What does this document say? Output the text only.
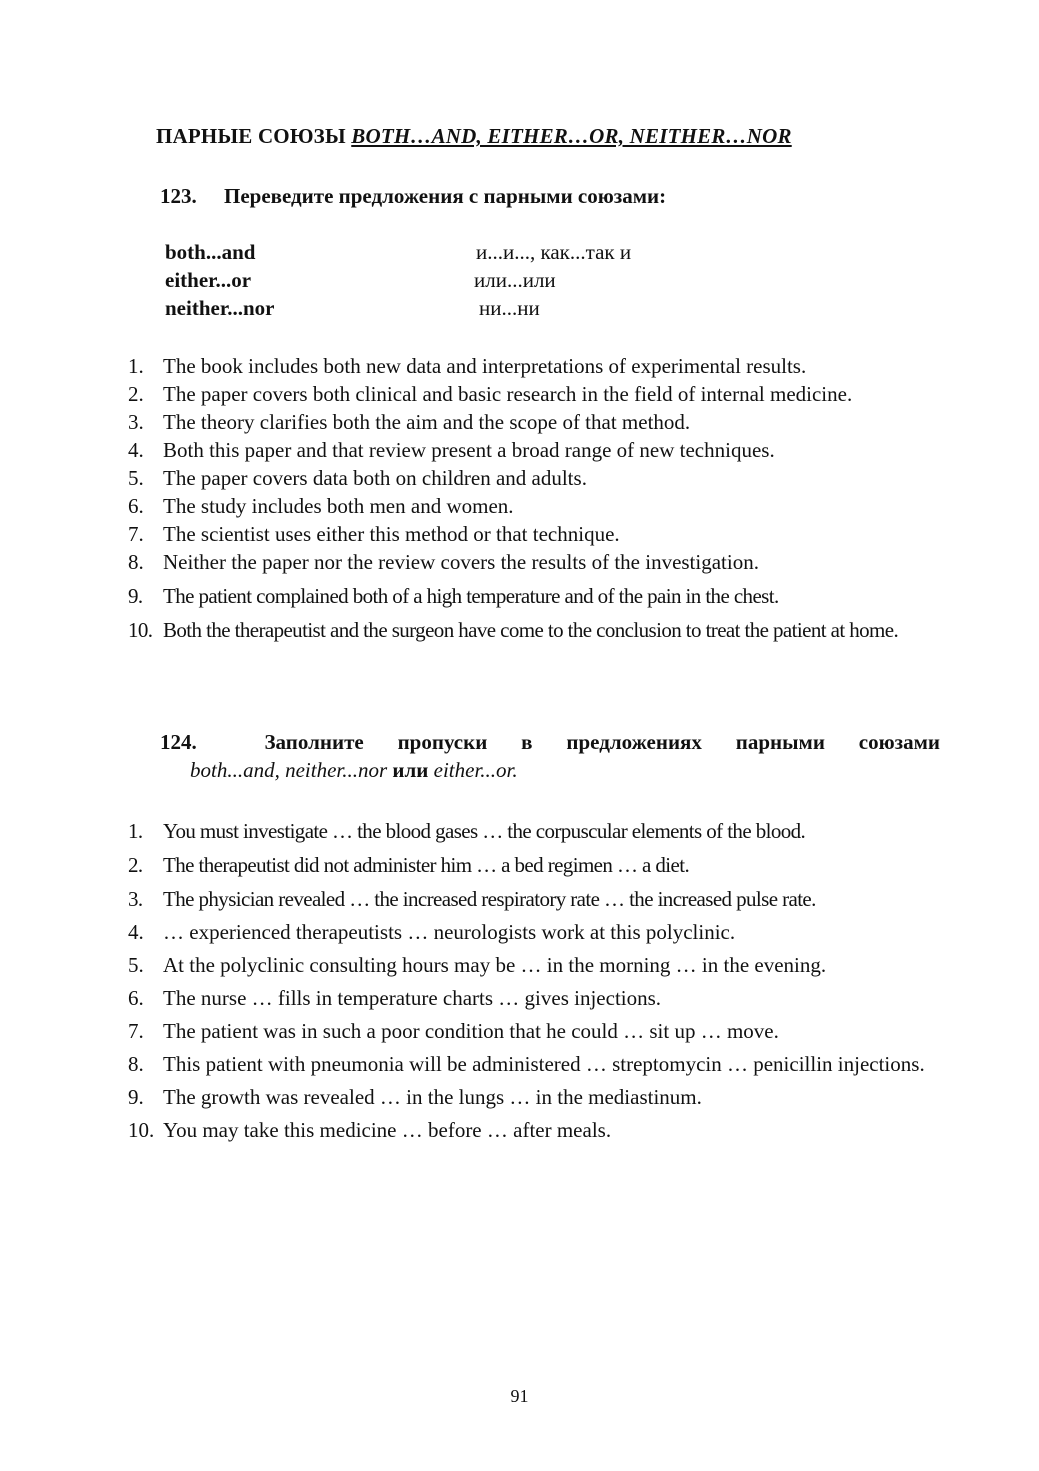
ПАРНЫЕ СОЮЗЫ BOTH…AND, EITHER…OR, NEITHER…NOR
123. Переведите предложения с парными союзами:
both...and	и...и..., как...так и
either...or	или...или
neither...nor	ни...ни
1. The book includes both new data and interpretations of experimental results.
2. The paper covers both clinical and basic research in the field of internal medicine.
3. The theory clarifies both the aim and the scope of that method.
4. Both this paper and that review present a broad range of new techniques.
5. The paper covers data both on children and adults.
6. The study includes both men and women.
7. The scientist uses either this method or that technique.
8. Neither the paper nor the review covers the results of the investigation.
9. The patient complained both of a high temperature and of the pain in the chest.
10. Both the therapeutist and the surgeon have come to the conclusion to treat the patient at home.
124.	Заполните пропуски в предложениях парными союзами
both...and, neither...nor или either...or.
1. You must investigate … the blood gases … the corpuscular elements of the blood.
2. The therapeutist did not administer him … a bed regimen … a diet.
3. The physician revealed … the increased respiratory rate … the increased pulse rate.
4. … experienced therapeutists … neurologists work at this polyclinic.
5. At the polyclinic consulting hours may be … in the morning … in the evening.
6. The nurse … fills in temperature charts … gives injections.
7. The patient was in such a poor condition that he could … sit up … move.
8. This patient with pneumonia will be administered … streptomycin … penicillin injections.
9. The growth was revealed … in the lungs … in the mediastinum.
10. You may take this medicine … before … after meals.
91
